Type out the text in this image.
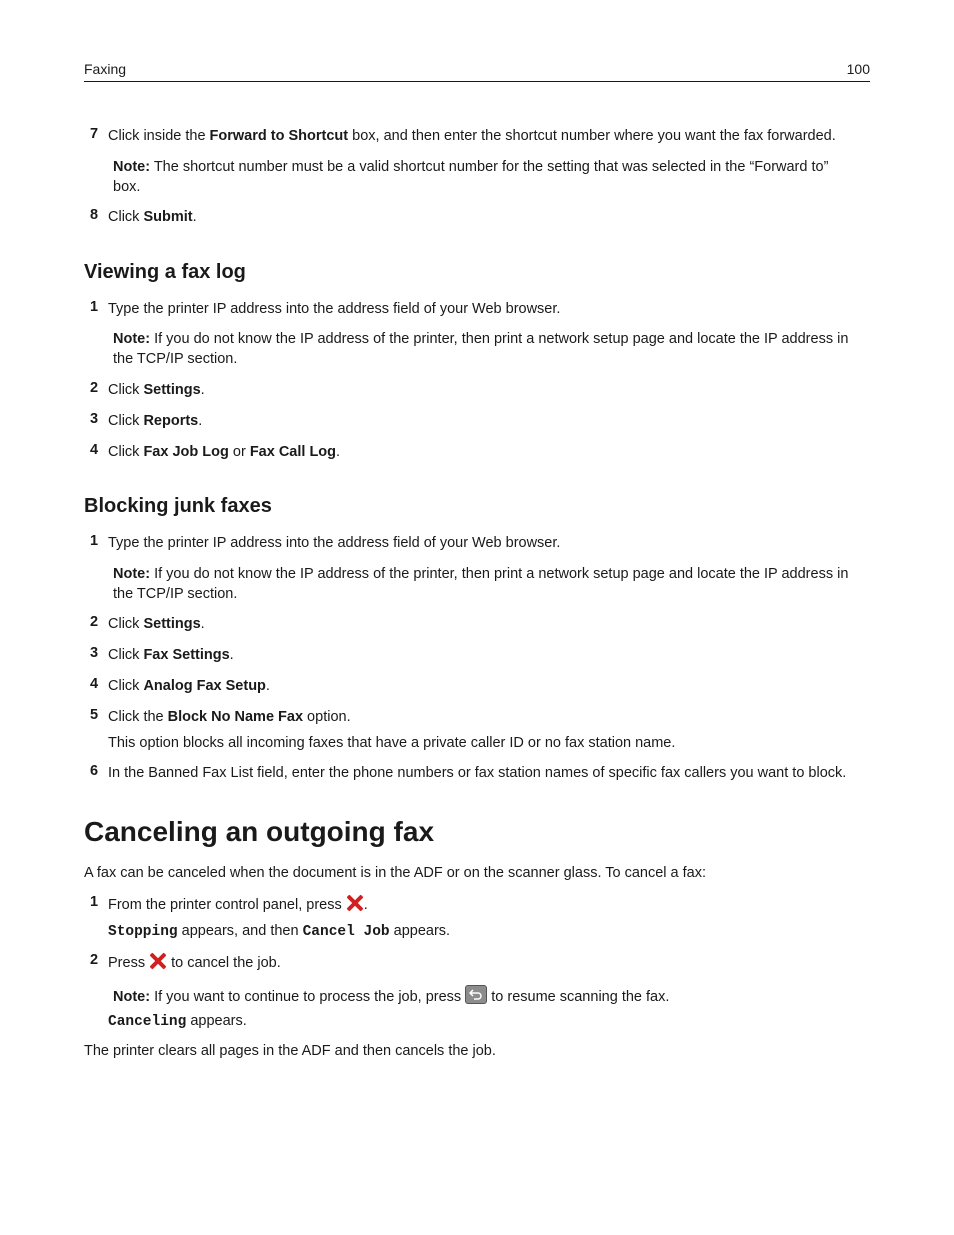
Faxing	100
7 Click inside the Forward to Shortcut box, and then enter the shortcut number where you want the fax forwarded.
Note: The shortcut number must be a valid shortcut number for the setting that was selected in the “Forward to” box.
8 Click Submit.
Viewing a fax log
1 Type the printer IP address into the address field of your Web browser.
Note: If you do not know the IP address of the printer, then print a network setup page and locate the IP address in the TCP/IP section.
2 Click Settings.
3 Click Reports.
4 Click Fax Job Log or Fax Call Log.
Blocking junk faxes
1 Type the printer IP address into the address field of your Web browser.
Note: If you do not know the IP address of the printer, then print a network setup page and locate the IP address in the TCP/IP section.
2 Click Settings.
3 Click Fax Settings.
4 Click Analog Fax Setup.
5 Click the Block No Name Fax option.
This option blocks all incoming faxes that have a private caller ID or no fax station name.
6 In the Banned Fax List field, enter the phone numbers or fax station names of specific fax callers you want to block.
Canceling an outgoing fax
A fax can be canceled when the document is in the ADF or on the scanner glass. To cancel a fax:
1 From the printer control panel, press .
Stopping appears, and then Cancel Job appears.
2 Press  to cancel the job.
Note: If you want to continue to process the job, press
to resume scanning the fax.
Canceling appears.
The printer clears all pages in the ADF and then cancels the job.
